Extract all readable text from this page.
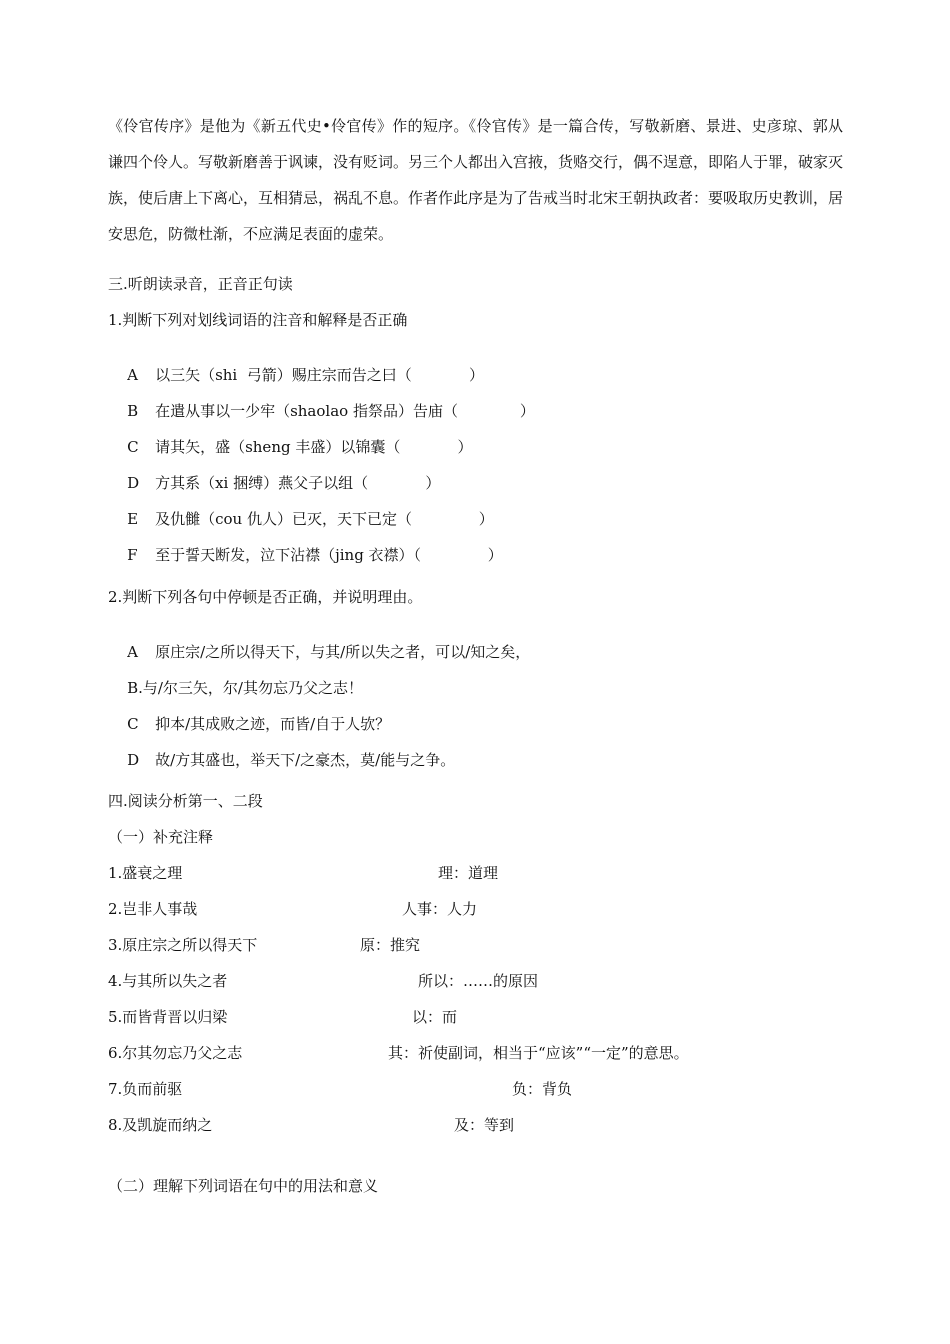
《伶官传序》是他为《新五代史•伶官传》作的短序。《伶官传》是一篇合传，写敬新磨、景进、史彦琼、郭从谦四个伶人。写敬新磨善于讽谏，没有贬词。另三个人都出入宫掖，货赂交行，偶不逞意，即陷人于罪，破家灭族，使后唐上下离心，互相猜忌，祸乱不息。作者作此序是为了告戒当时北宋王朝执政者：要吸取历史教训，居安思危，防微杜渐，不应满足表面的虚荣。
三.听朗读录音，正音正句读
1.判断下列对划线词语的注音和解释是否正确

A 以三矢（shi  弓箭）赐庄宗而告之曰（            ）

B 在遣从事以一少牢（shaolao 指祭品）告庙（             ）

C 请其矢，盛（sheng 丰盛）以锦囊（            ）

D 方其系（xi 捆缚）燕父子以组（            ）

E 及仇雠（cou 仇人）已灭，天下已定（              ）

F 至于誓天断发，泣下沾襟（jing 衣襟）（              ）

2.判断下列各句中停顿是否正确，并说明理由。

A 原庄宗/之所以得天下，与其/所以失之者，可以/知之矣，

B.与/尔三矢，尔/其勿忘乃父之志！

C 抑本/其成败之迹，而皆/自于人欤？

D 故/方其盛也，举天下/之豪杰，莫/能与之争。

四.阅读分析第一、二段
（一）补充注释
1.盛衰之理	理：道理
2.岂非人事哉	人事：人力
3.原庄宗之所以得天下	原：推究
4.与其所以失之者	所以：……的原因
5.而皆背晋以归梁	以：而
6.尔其勿忘乃父之志	其：祈使副词，相当于“应该”“一定”的意思。
7.负而前驱	负：背负
8.及凯旋而纳之	及：等到
（二）理解下列词语在句中的用法和意义
